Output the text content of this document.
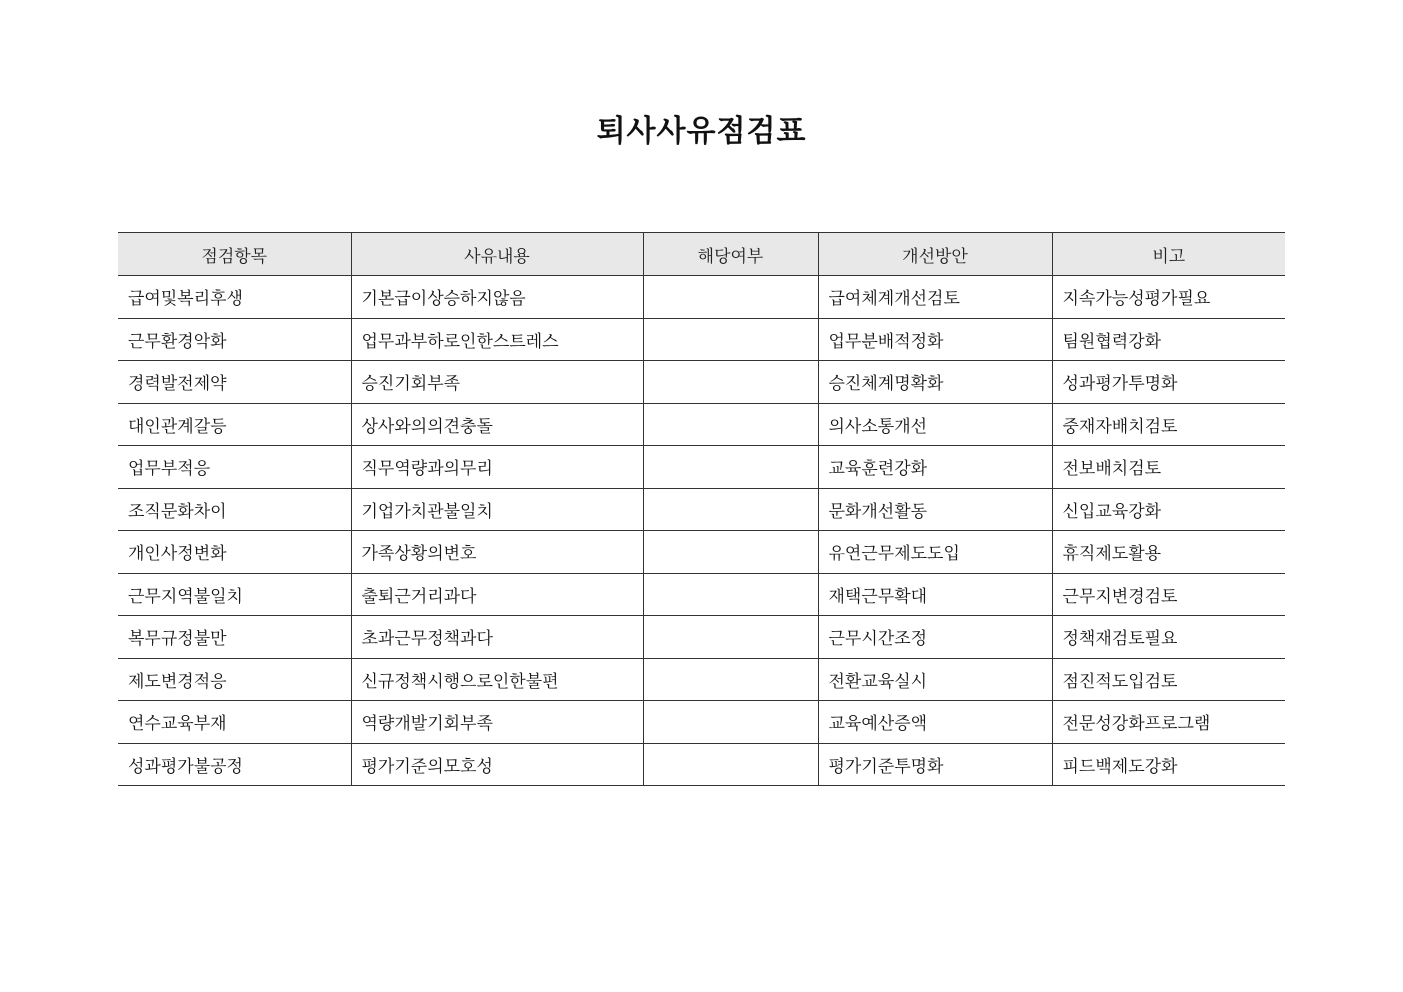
퇴사사유점검표
점검항목	사유내용	해당여부	개선방안	비고
급여및복리후생	기본급이상승하지않음		급여체계개선검토	지속가능성평가필요
근무환경악화	업무과부하로인한스트레스		업무분배적정화	팀원협력강화
경력발전제약	승진기회부족		승진체계명확화	성과평가투명화
대인관계갈등	상사와의의견충돌		의사소통개선	중재자배치검토
업무부적응	직무역량과의무리		교육훈련강화	전보배치검토
조직문화차이	기업가치관불일치		문화개선활동	신입교육강화
개인사정변화	가족상황의변호		유연근무제도도입	휴직제도활용
근무지역불일치	출퇴근거리과다		재택근무확대	근무지변경검토
복무규정불만	초과근무정책과다		근무시간조정	정책재검토필요
제도변경적응	신규정책시행으로인한불편		전환교육실시	점진적도입검토
연수교육부재	역량개발기회부족		교육예산증액	전문성강화프로그램
성과평가불공정	평가기준의모호성		평가기준투명화	피드백제도강화
